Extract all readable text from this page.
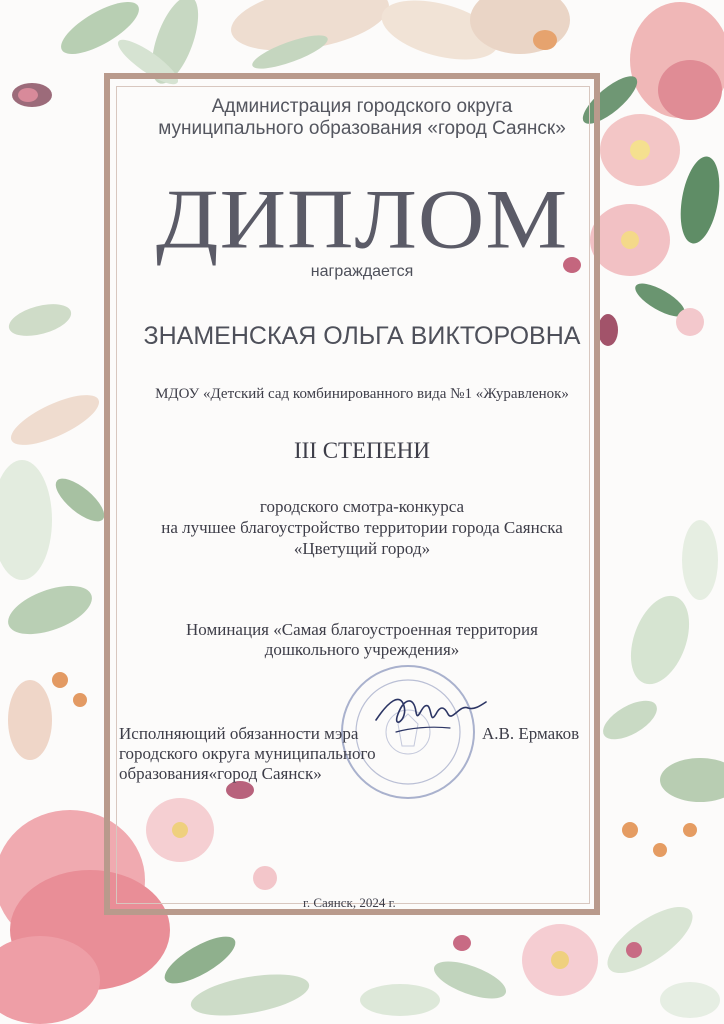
Администрация городского округа
муниципального образования «город Саянск»
ДИПЛОМ
награждается
ЗНАМЕНСКАЯ ОЛЬГА ВИКТОРОВНА
МДОУ «Детский сад комбинированного вида №1 «Журавленок»
III СТЕПЕНИ
городского смотра-конкурса
на лучшее благоустройство территории города Саянска
«Цветущий город»
Номинация «Самая благоустроенная территория
дошкольного учреждения»
Исполняющий обязанности мэра
городского округа муниципального
образования«город Саянск»
А.В. Ермаков
г. Саянск, 2024 г.
